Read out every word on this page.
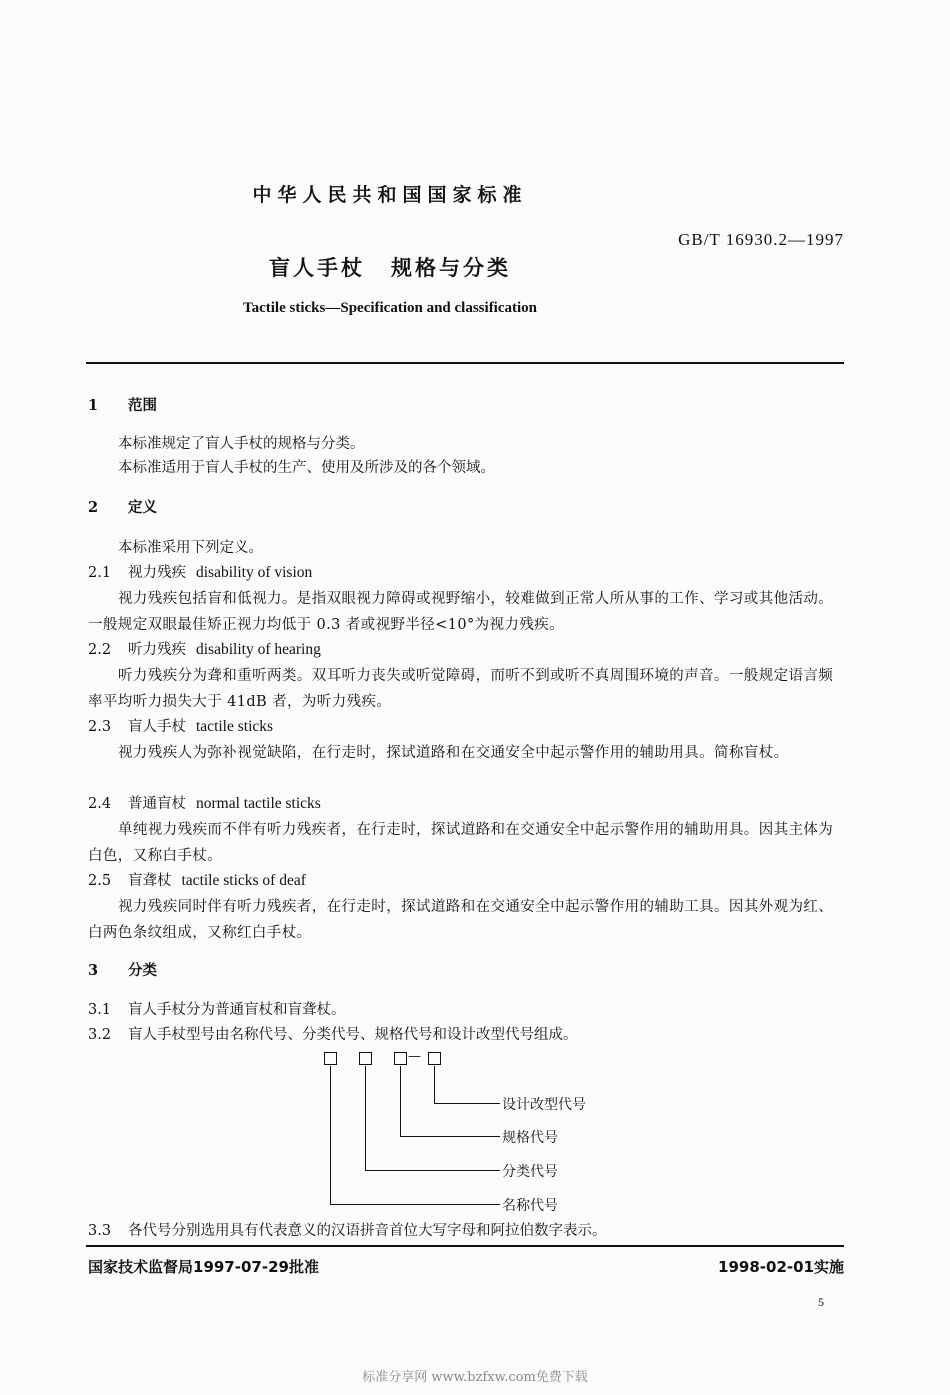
中华人民共和国国家标准
GB/T 16930.2—1997
盲人手杖 规格与分类
Tactile sticks—Specification and classification
1 范围
本标准规定了盲人手杖的规格与分类。
本标准适用于盲人手杖的生产、使用及所涉及的各个领域。
2 定义
本标准采用下列定义。
2.1 视力残疾 disability of vision
视力残疾包括盲和低视力。是指双眼视力障碍或视野缩小，较难做到正常人所从事的工作、学习或其他活动。一般规定双眼最佳矫正视力均低于 0.3 者或视野半径<10°为视力残疾。
2.2 听力残疾 disability of hearing
听力残疾分为聋和重听两类。双耳听力丧失或听觉障碍，而听不到或听不真周围环境的声音。一般规定语言频率平均听力损失大于 41dB 者，为听力残疾。
2.3 盲人手杖 tactile sticks
视力残疾人为弥补视觉缺陷，在行走时，探试道路和在交通安全中起示警作用的辅助用具。简称盲杖。
2.4 普通盲杖 normal tactile sticks
单纯视力残疾而不伴有听力残疾者，在行走时，探试道路和在交通安全中起示警作用的辅助用具。因其主体为白色，又称白手杖。
2.5 盲聋杖 tactile sticks of deaf
视力残疾同时伴有听力残疾者，在行走时，探试道路和在交通安全中起示警作用的辅助工具。因其外观为红、白两色条纹组成，又称红白手杖。
3 分类
3.1 盲人手杖分为普通盲杖和盲聋杖。
3.2 盲人手杖型号由名称代号、分类代号、规格代号和设计改型代号组成。
—
设计改型代号
规格代号
分类代号
名称代号
3.3 各代号分别选用具有代表意义的汉语拼音首位大写字母和阿拉伯数字表示。
国家技术监督局1997-07-29批准	1998-02-01实施
5
标准分享网 www.bzfxw.com免费下载
